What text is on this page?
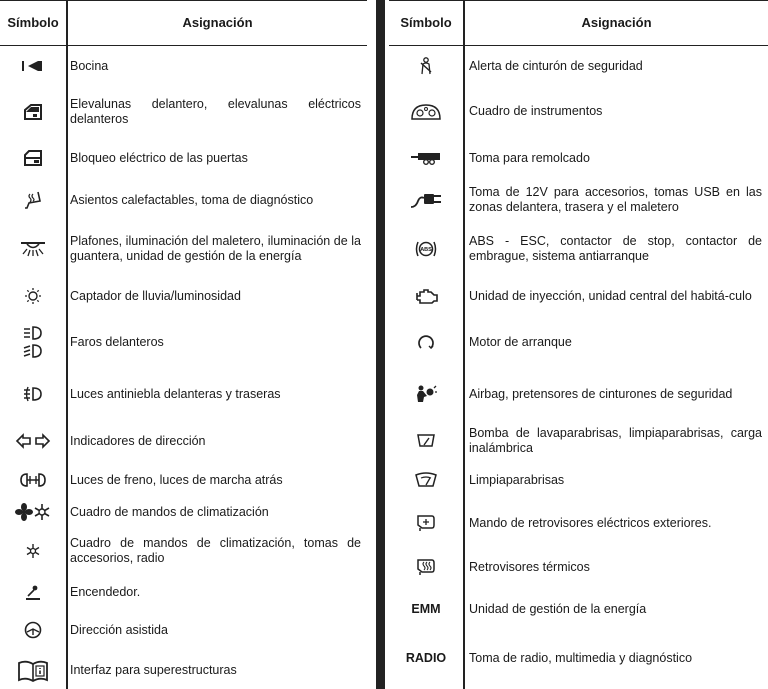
Símbolo	Asignación
Bocina
Elevalunas delantero, elevalunas eléctricos delanteros
Bloqueo eléctrico de las puertas
Asientos calefactables, toma de diagnóstico
Plafones, iluminación del maletero, iluminación de la guantera, unidad de gestión de la energía
Captador de lluvia/luminosidad
Faros delanteros
Luces antiniebla delanteras y traseras
Indicadores de dirección
Luces de freno, luces de marcha atrás
Cuadro de mandos de climatización
Cuadro de mandos de climatización, tomas de accesorios, radio
Encendedor.
Dirección asistida
Interfaz para superestructuras
Símbolo	Asignación
Alerta de cinturón de seguridad
Cuadro de instrumentos
Toma para remolcado
Toma de 12V para accesorios, tomas USB en las zonas delantera, trasera y el maletero
ABS
ABS - ESC, contactor de stop, contactor de embrague, sistema antiarranque
Unidad de inyección, unidad central del habitá-culo
Motor de arranque
Airbag, pretensores de cinturones de seguridad
Bomba de lavaparabrisas, limpiaparabrisas, carga inalámbrica
Limpiaparabrisas
Mando de retrovisores eléctricos exteriores.
Retrovisores térmicos
EMM Unidad de gestión de la energía
RADIO Toma de radio, multimedia y diagnóstico
